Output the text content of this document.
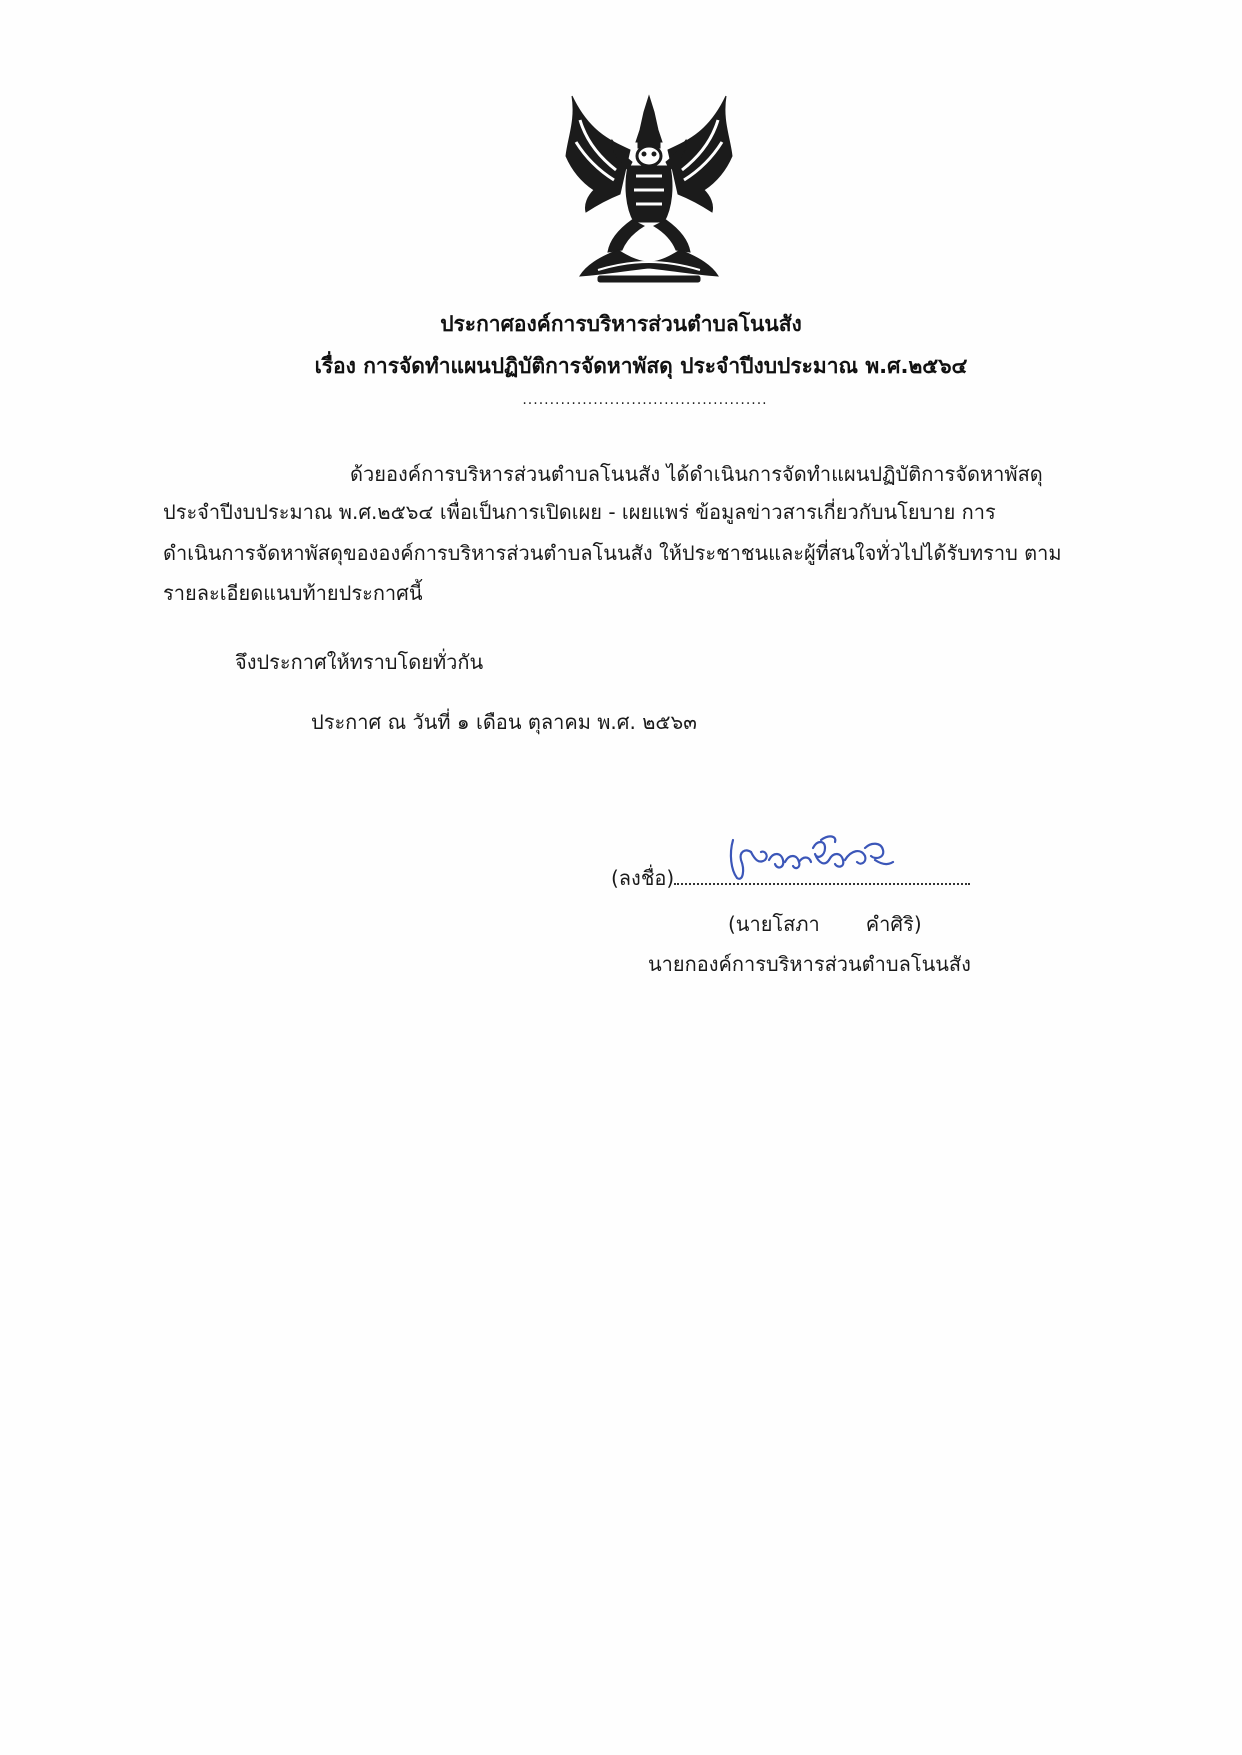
ประกาศองค์การบริหารส่วนตำบลโนนสัง
เรื่อง การจัดทำแผนปฏิบัติการจัดหาพัสดุ ประจำปีงบประมาณ พ.ศ.๒๕๖๔
.............................................
ด้วยองค์การบริหารส่วนตำบลโนนสัง ได้ดำเนินการจัดทำแผนปฏิบัติการจัดหาพัสดุ
ประจำปีงบประมาณ พ.ศ.๒๕๖๔ เพื่อเป็นการเปิดเผย - เผยแพร่ ข้อมูลข่าวสารเกี่ยวกับนโยบาย การ
ดำเนินการจัดหาพัสดุขององค์การบริหารส่วนตำบลโนนสัง ให้ประชาชนและผู้ที่สนใจทั่วไปได้รับทราบ ตาม
รายละเอียดแนบท้ายประกาศนี้
จึงประกาศให้ทราบโดยทั่วกัน
ประกาศ ณ วันที่ ๑ เดือน ตุลาคม พ.ศ. ๒๕๖๓
(ลงชื่อ)
(นายโสภา คำศิริ)
นายกองค์การบริหารส่วนตำบลโนนสัง
